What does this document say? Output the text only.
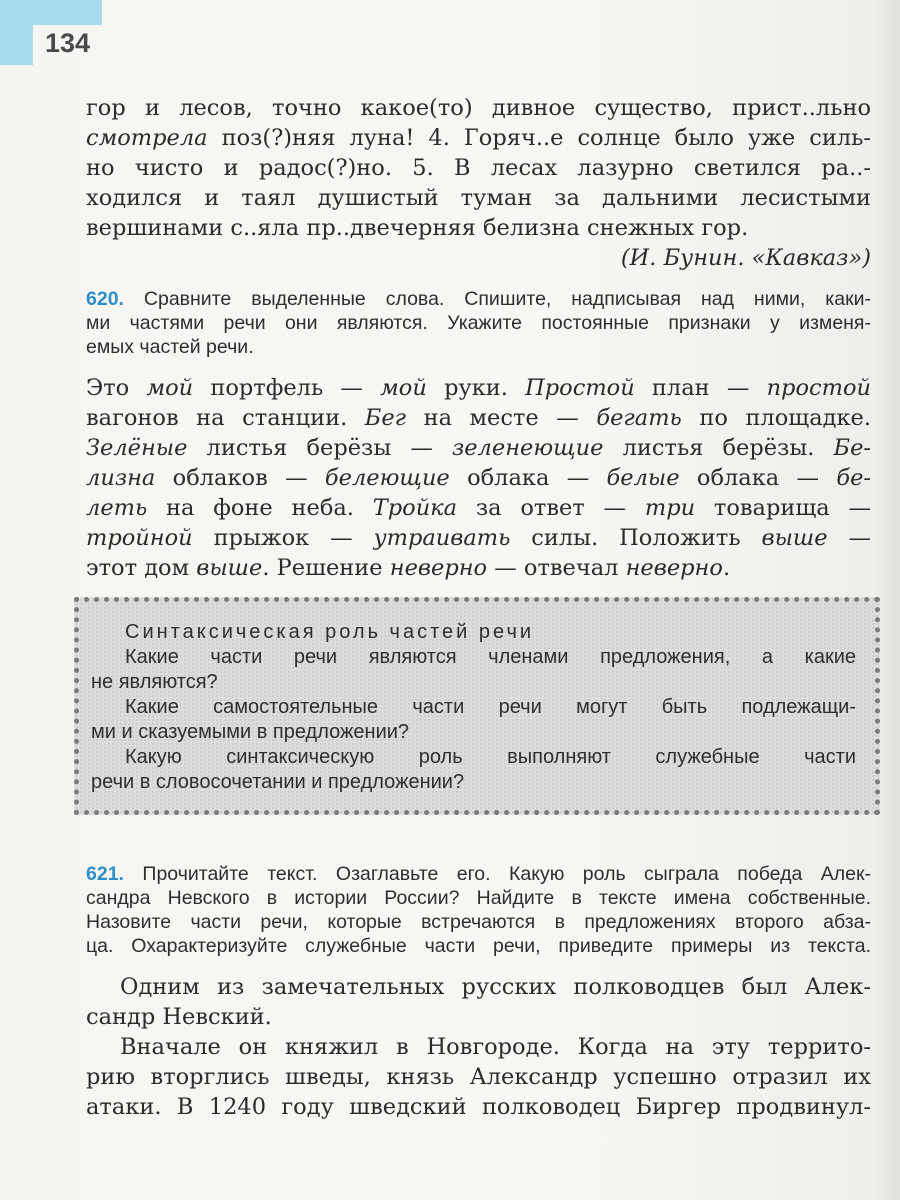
134
гор и лесов, точно какое(то) дивное существо, прист..льно
смотрела поз(?)няя луна! 4. Горяч..е солнце было уже силь-
но чисто и радос(?)но. 5. В лесах лазурно светился ра..-
ходился и таял душистый туман за дальними лесистыми
вершинами с..яла пр..двечерняя белизна снежных гор.
(И. Бунин. «Кавказ»)
620. Сравните выделенные слова. Спишите, надписывая над ними, каки-
ми частями речи они являются. Укажите постоянные признаки у изменя-
емых частей речи.
Это мой портфель — мой руки. Простой план — простой
вагонов на станции. Бег на месте — бегать по площадке.
Зелёные листья берёзы — зеленеющие листья берёзы. Бе-
лизна облаков — белеющие облака — белые облака — бе-
леть на фоне неба. Тройка за ответ — три товарища —
тройной прыжок — утраивать силы. Положить выше —
этот дом выше. Решение неверно — отвечал неверно.
Синтаксическая роль частей речи
Какие части речи являются членами предложения, а какие
не являются?
Какие самостоятельные части речи могут быть подлежащи-
ми и сказуемыми в предложении?
Какую синтаксическую роль выполняют служебные части
речи в словосочетании и предложении?
621. Прочитайте текст. Озаглавьте его. Какую роль сыграла победа Алек-
сандра Невского в истории России? Найдите в тексте имена собственные.
Назовите части речи, которые встречаются в предложениях второго абза-
ца. Охарактеризуйте служебные части речи, приведите примеры из текста.
Одним из замечательных русских полководцев был Алек-
сандр Невский.
Вначале он княжил в Новгороде. Когда на эту террито-
рию вторглись шведы, князь Александр успешно отразил их
атаки. В 1240 году шведский полководец Биргер продвинул-
